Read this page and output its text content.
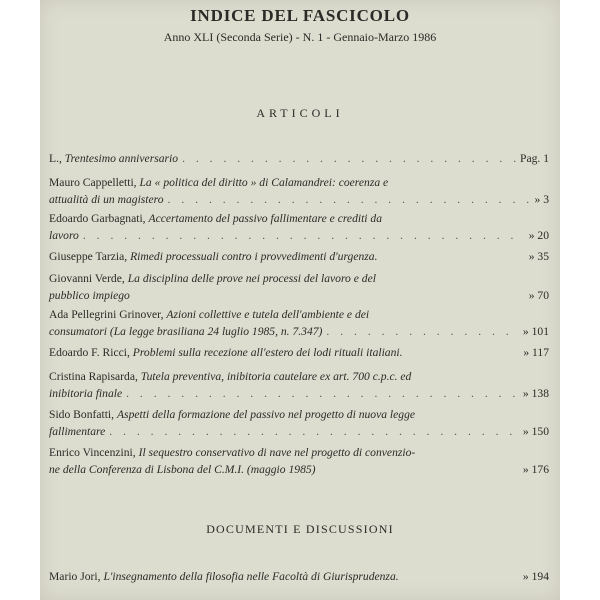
INDICE DEL FASCICOLO
Anno XLI (Seconda Serie) - N. 1 - Gennaio-Marzo 1986
ARTICOLI
L., Trentesimo anniversario . . .	Pag. 1
Mauro Cappelletti, La « politica del diritto » di Calamandrei: coerenza e
attualità di un magistero . . .	» 3
Edoardo Garbagnati, Accertamento del passivo fallimentare e crediti da
lavoro . . .	» 20
Giuseppe Tarzia, Rimedi processuali contro i provvedimenti d'urgenza.	» 35
Giovanni Verde, La disciplina delle prove nei processi del lavoro e del
pubblico impiego	» 70
Ada Pellegrini Grinover, Azioni collettive e tutela dell'ambiente e dei
consumatori (La legge brasiliana 24 luglio 1985, n. 7.347) . . .	» 101
Edoardo F. Ricci, Problemi sulla recezione all'estero dei lodi rituali italiani.	» 117
Cristina Rapisarda, Tutela preventiva, inibitoria cautelare ex art. 700 c.p.c. ed
inibitoria finale . . .	» 138
Sido Bonfatti, Aspetti della formazione del passivo nel progetto di nuova legge
fallimentare . . .	» 150
Enrico Vincenzini, Il sequestro conservativo di nave nel progetto di convenzio-
ne della Conferenza di Lisbona del C.M.I. (maggio 1985)	» 176
DOCUMENTI E DISCUSSIONI
Mario Jori, L'insegnamento della filosofia nelle Facoltà di Giurisprudenza.	» 194
